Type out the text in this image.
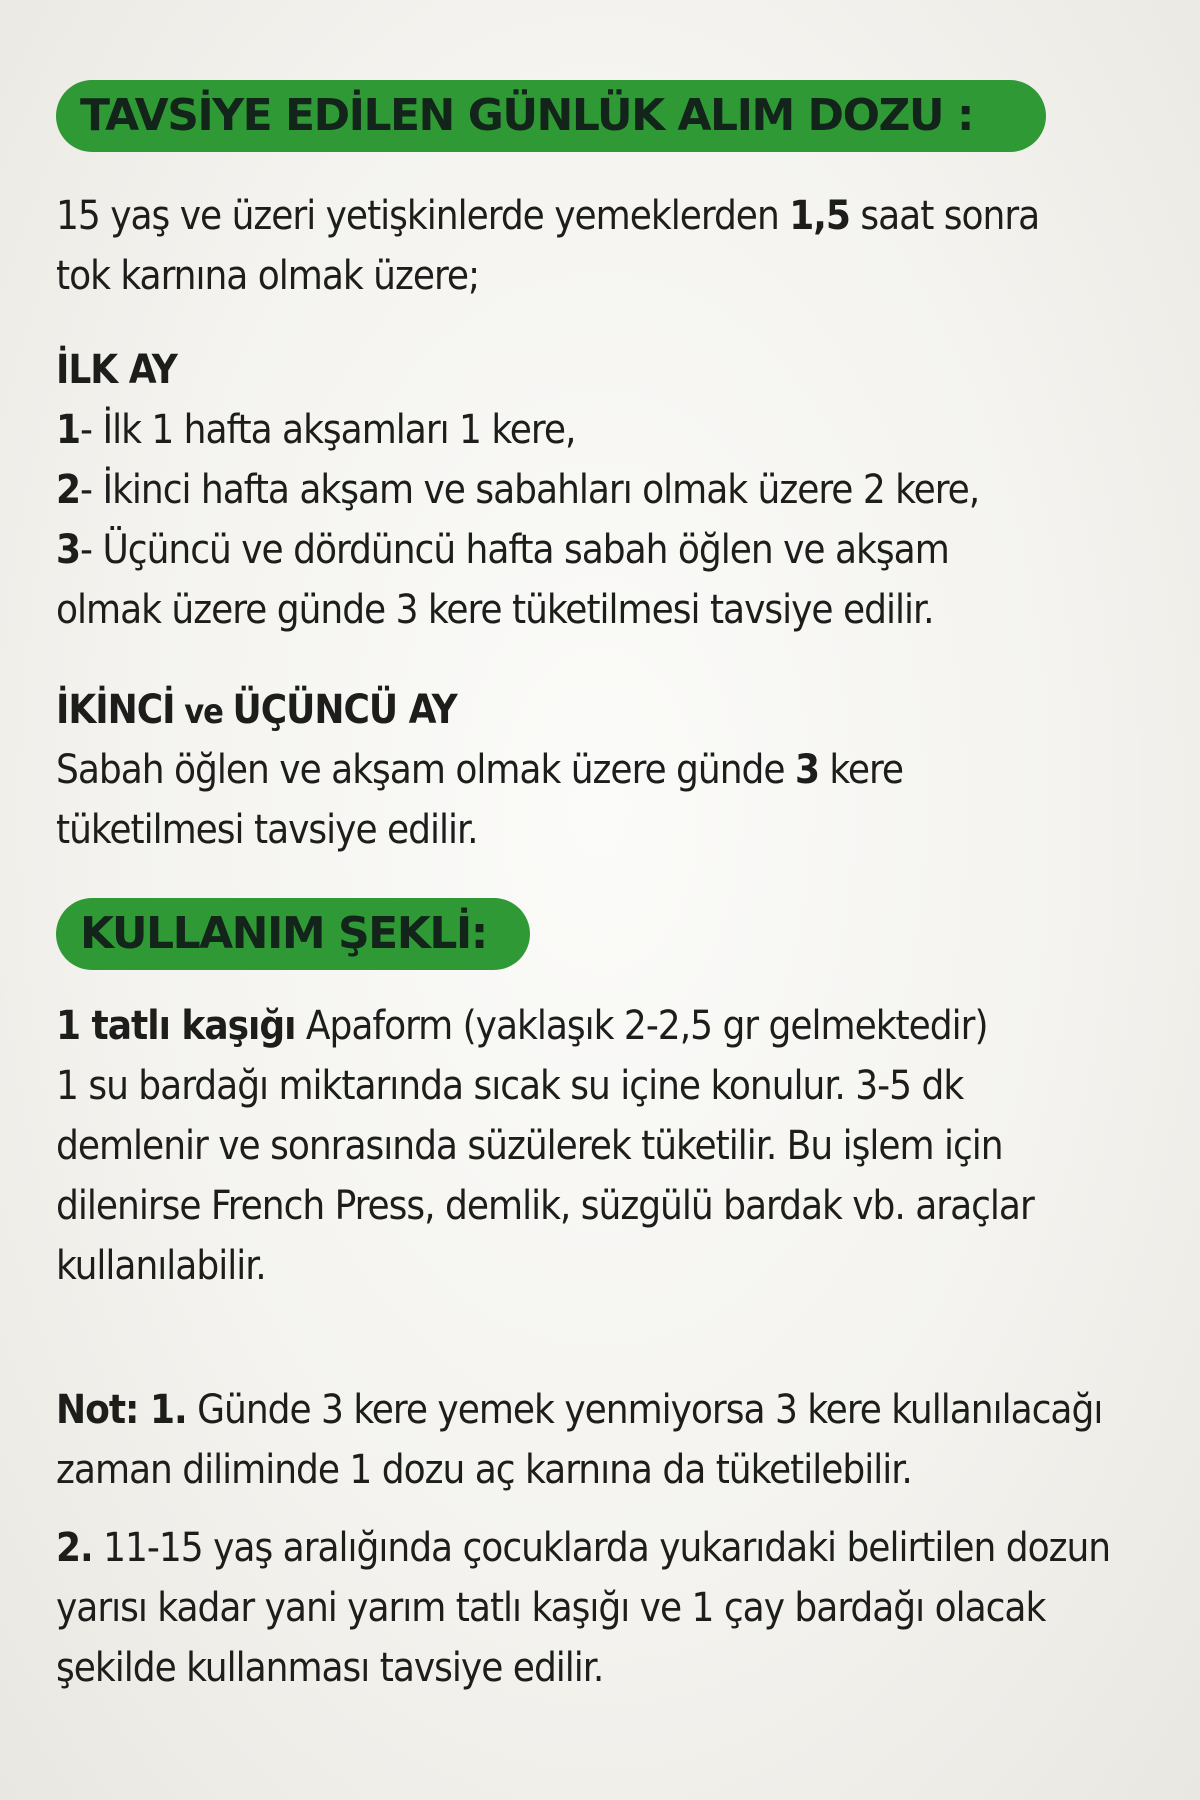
TAVSİYE EDİLEN GÜNLÜK ALIM DOZU :
15 yaş ve üzeri yetişkinlerde yemeklerden 1,5 saat sonra
tok karnına olmak üzere;
İLK AY
1- İlk 1 hafta akşamları 1 kere,
2- İkinci hafta akşam ve sabahları olmak üzere 2 kere,
3- Üçüncü ve dördüncü hafta sabah öğlen ve akşam
olmak üzere günde 3 kere tüketilmesi tavsiye edilir.
İKİNCİ ve ÜÇÜNCÜ AY
Sabah öğlen ve akşam olmak üzere günde 3 kere
tüketilmesi tavsiye edilir.
KULLANIM ŞEKLİ:
1 tatlı kaşığı Apaform (yaklaşık 2-2,5 gr gelmektedir)
1 su bardağı miktarında sıcak su içine konulur. 3-5 dk
demlenir ve sonrasında süzülerek tüketilir. Bu işlem için
dilenirse French Press, demlik, süzgülü bardak vb. araçlar
kullanılabilir.
Not: 1. Günde 3 kere yemek yenmiyorsa 3 kere kullanılacağı
zaman diliminde 1 dozu aç karnına da tüketilebilir.
2. 11-15 yaş aralığında çocuklarda yukarıdaki belirtilen dozun
yarısı kadar yani yarım tatlı kaşığı ve 1 çay bardağı olacak
şekilde kullanması tavsiye edilir.
